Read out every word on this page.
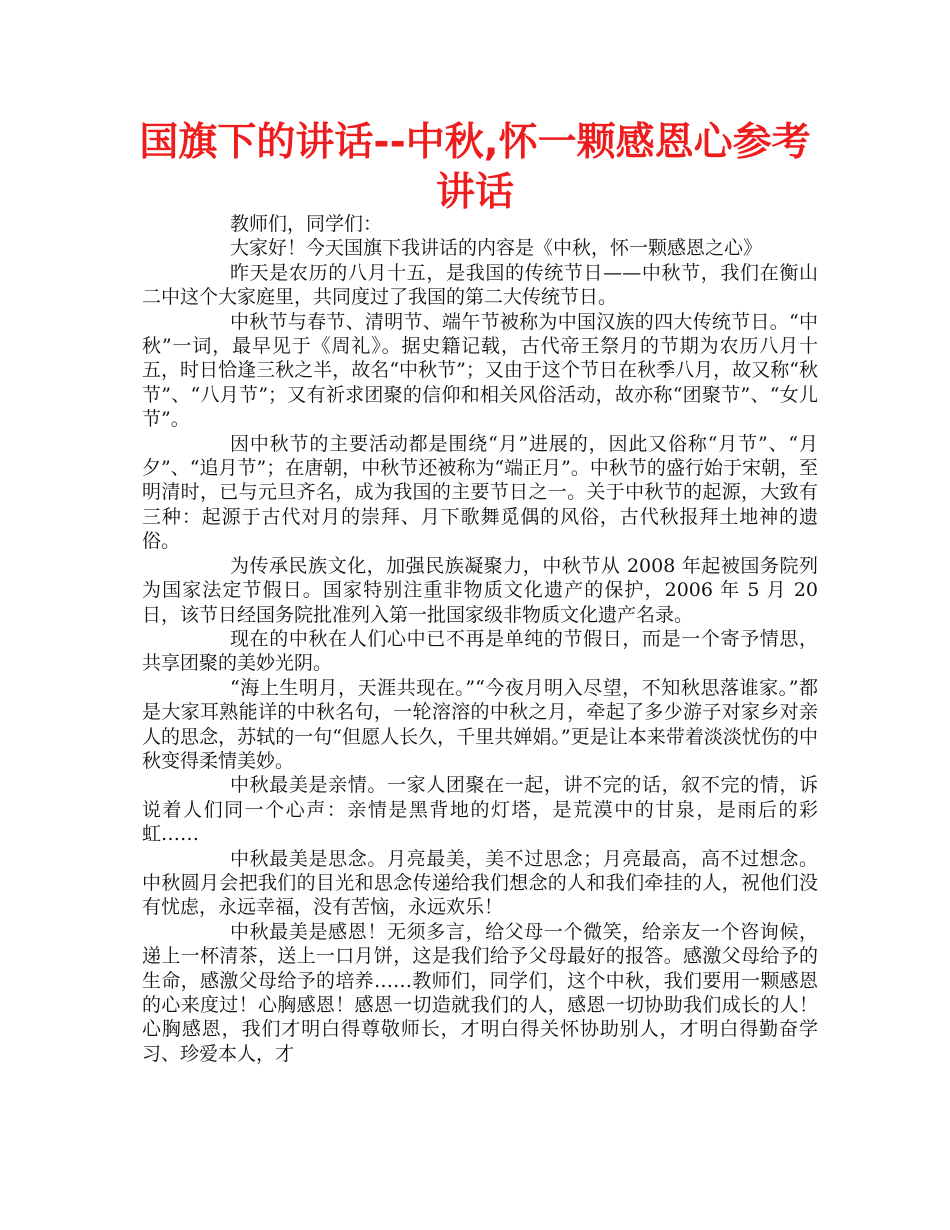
国旗下的讲话--中秋,怀一颗感恩心参考讲话

教师们，同学们：

大家好！今天国旗下我讲话的内容是《中秋，怀一颗感恩之心》

昨天是农历的八月十五，是我国的传统节日——中秋节，我们在衡山二中这个大家庭里，共同度过了我国的第二大传统节日。

中秋节与春节、清明节、端午节被称为中国汉族的四大传统节日。“中秋”一词，最早见于《周礼》。据史籍记载，古代帝王祭月的节期为农历八月十五，时日恰逢三秋之半，故名“中秋节”；又由于这个节日在秋季八月，故又称“秋节”、“八月节”；又有祈求团聚的信仰和相关风俗活动，故亦称“团聚节”、“女儿节”。

因中秋节的主要活动都是围绕“月”进展的，因此又俗称“月节”、“月夕”、“追月节”；在唐朝，中秋节还被称为“端正月”。中秋节的盛行始于宋朝，至明清时，已与元旦齐名，成为我国的主要节日之一。关于中秋节的起源，大致有三种：起源于古代对月的崇拜、月下歌舞觅偶的风俗，古代秋报拜土地神的遗俗。

为传承民族文化，加强民族凝聚力，中秋节从 2008 年起被国务院列为国家法定节假日。国家特别注重非物质文化遗产的保护，2006 年 5 月 20 日，该节日经国务院批准列入第一批国家级非物质文化遗产名录。

现在的中秋在人们心中已不再是单纯的节假日，而是一个寄予情思，共享团聚的美妙光阴。

“海上生明月，天涯共现在。”“今夜月明入尽望，不知秋思落谁家。”都是大家耳熟能详的中秋名句，一轮溶溶的中秋之月，牵起了多少游子对家乡对亲人的思念，苏轼的一句“但愿人长久，千里共婵娟。”更是让本来带着淡淡忧伤的中秋变得柔情美妙。

中秋最美是亲情。一家人团聚在一起，讲不完的话，叙不完的情，诉说着人们同一个心声：亲情是黑背地的灯塔，是荒漠中的甘泉，是雨后的彩虹……

中秋最美是思念。月亮最美，美不过思念；月亮最高，高不过想念。中秋圆月会把我们的目光和思念传递给我们想念的人和我们牵挂的人，祝他们没有忧虑，永远幸福，没有苦恼，永远欢乐！

中秋最美是感恩！无须多言，给父母一个微笑，给亲友一个咨询候，递上一杯清茶，送上一口月饼，这是我们给予父母最好的报答。感激父母给予的生命，感激父母给予的培养……教师们，同学们，这个中秋，我们要用一颗感恩的心来度过！心胸感恩！感恩一切造就我们的人，感恩一切协助我们成长的人！心胸感恩，我们才明白得尊敬师长，才明白得关怀协助别人，才明白得勤奋学习、珍爱本人，才
